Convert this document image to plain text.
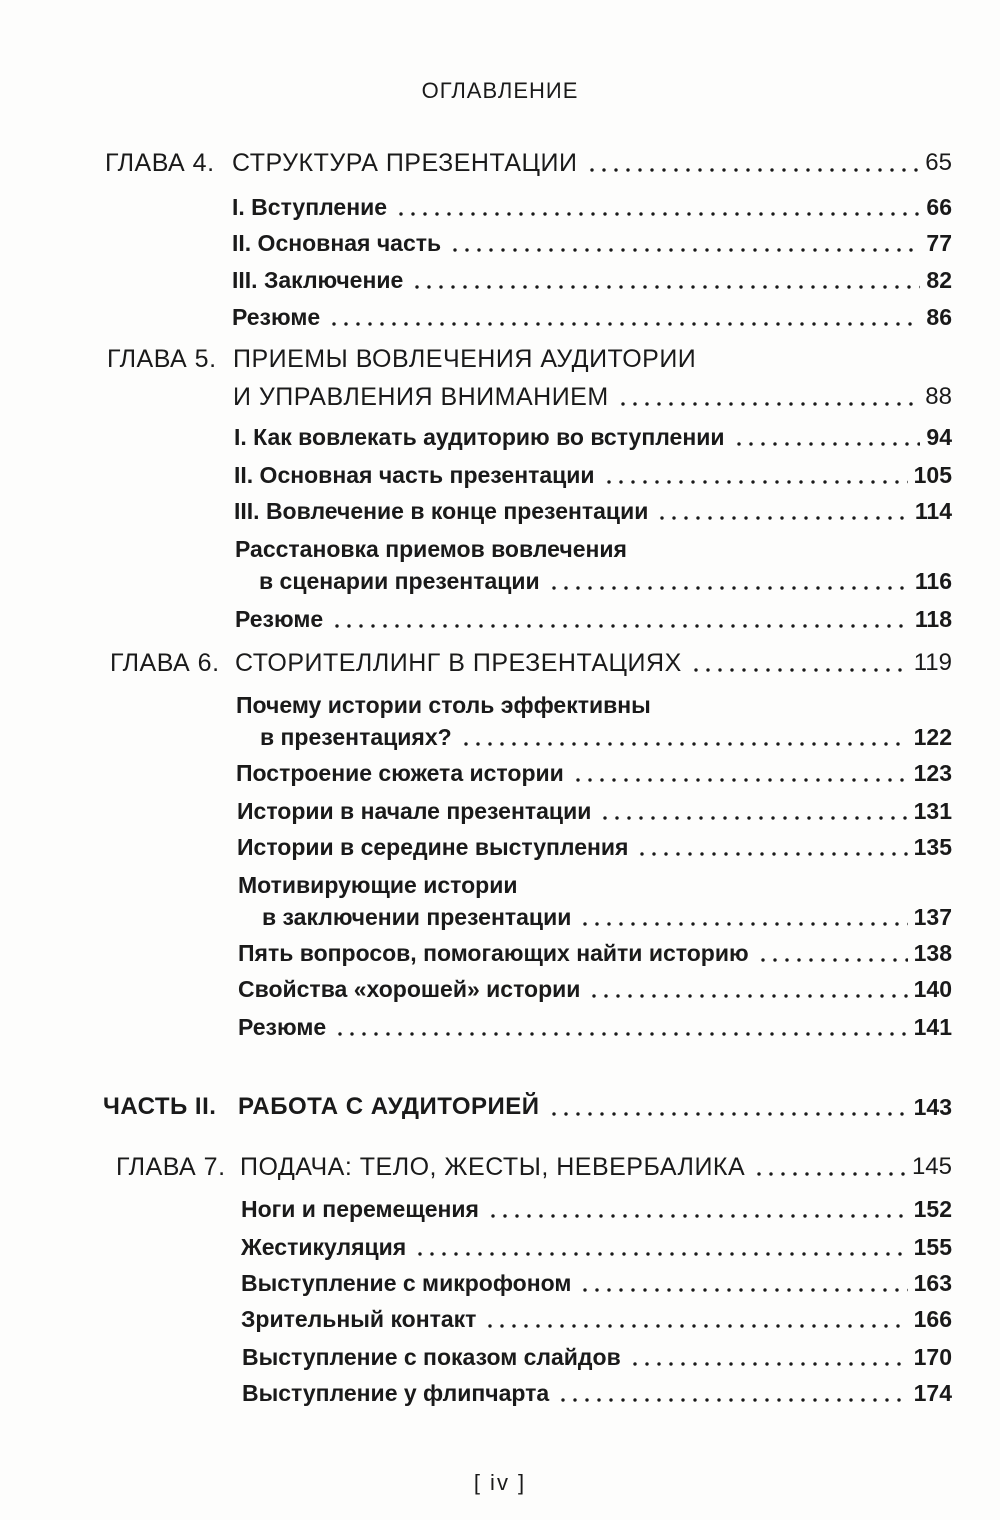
ОГЛАВЛЕНИЕ
ГЛАВА 4. СТРУКТУРА ПРЕЗЕНТАЦИИ	65
I. Вступление	66
II. Основная часть	77
III. Заключение	82
Резюме	86
ГЛАВА 5. ПРИЕМЫ ВОВЛЕЧЕНИЯ АУДИТОРИИ
И УПРАВЛЕНИЯ ВНИМАНИЕМ	88
I. Как вовлекать аудиторию во вступлении	94
II. Основная часть презентации	105
III. Вовлечение в конце презентации	114
Расстановка приемов вовлечения
в сценарии презентации	116
Резюме	118
ГЛАВА 6. СТОРИТЕЛЛИНГ В ПРЕЗЕНТАЦИЯХ	119
Почему истории столь эффективны
в презентациях?	122
Построение сюжета истории	123
Истории в начале презентации	131
Истории в середине выступления	135
Мотивирующие истории
в заключении презентации	137
Пять вопросов, помогающих найти историю	138
Свойства «хорошей» истории	140
Резюме	141
ЧАСТЬ II. РАБОТА С АУДИТОРИЕЙ	143
ГЛАВА 7. ПОДАЧА: ТЕЛО, ЖЕСТЫ, НЕВЕРБАЛИКА	145
Ноги и перемещения	152
Жестикуляция	155
Выступление с микрофоном	163
Зрительный контакт	166
Выступление с показом слайдов	170
Выступление у флипчарта	174
[ iv ]
